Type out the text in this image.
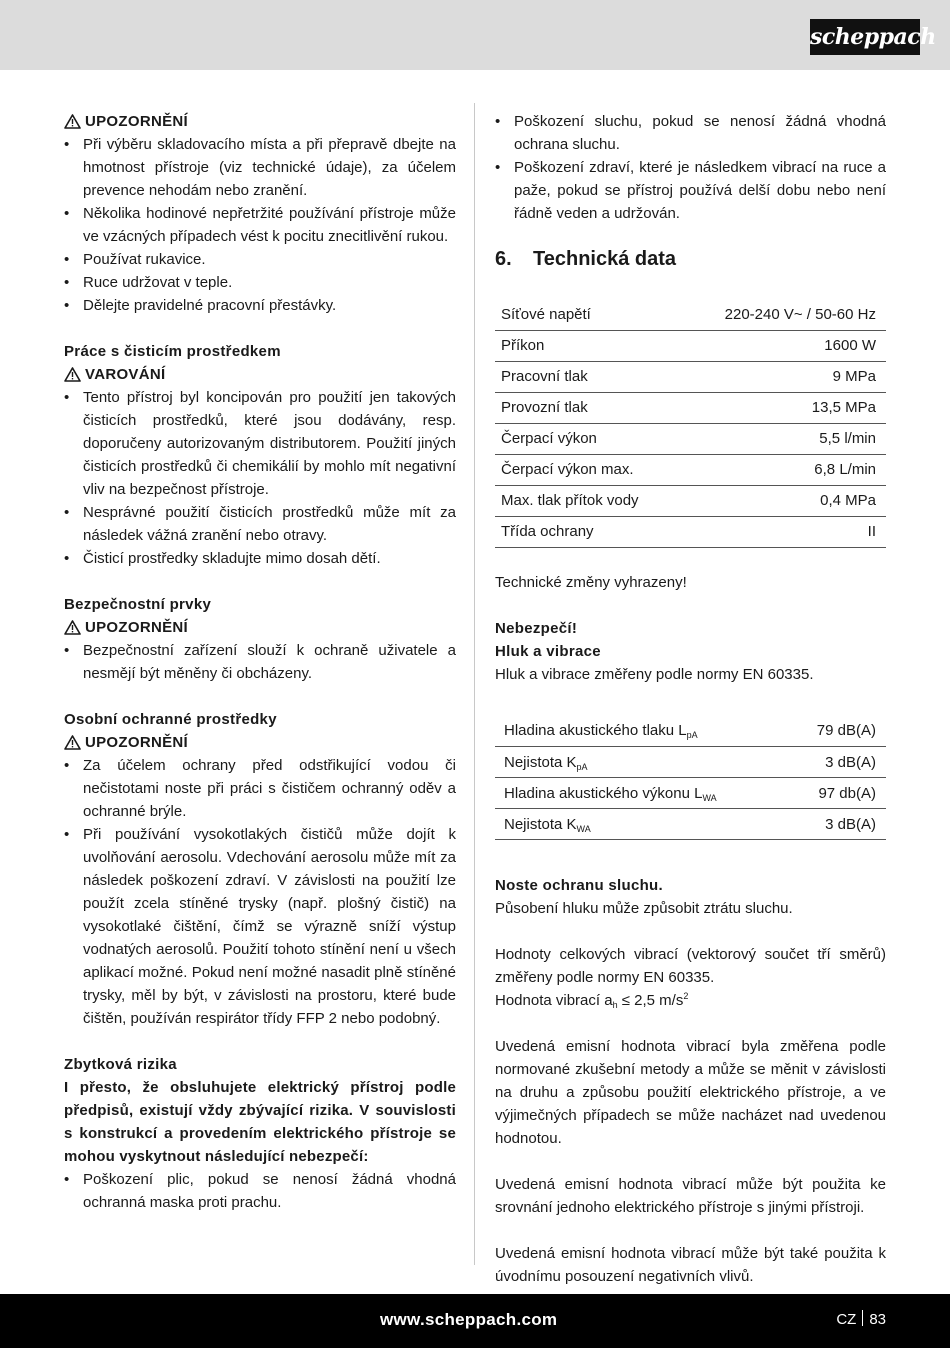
scheppach
UPOZORNĚNÍ
• Při výběru skladovacího místa a při přepravě dbejte na hmotnost přístroje (viz technické údaje), za účelem prevence nehodám nebo zranění.
• Několika hodinové nepřetržité používání přístroje může ve vzácných případech vést k pocitu znecitlivění rukou.
• Používat rukavice.
• Ruce udržovat v teple.
• Dělejte pravidelné pracovní přestávky.
Práce s čisticím prostředkem
VAROVÁNÍ
• Tento přístroj byl koncipován pro použití jen takových čisticích prostředků, které jsou dodávány, resp. doporučeny autorizovaným distributorem. Použití jiných čisticích prostředků či chemikálií by mohlo mít negativní vliv na bezpečnost přístroje.
• Nesprávné použití čisticích prostředků může mít za následek vážná zranění nebo otravy.
• Čisticí prostředky skladujte mimo dosah dětí.
Bezpečnostní prvky
UPOZORNĚNÍ
• Bezpečnostní zařízení slouží k ochraně uživatele a nesmějí být měněny či obcházeny.
Osobní ochranné prostředky
UPOZORNĚNÍ
• Za účelem ochrany před odstřikující vodou či nečistotami noste při práci s čističem ochranný oděv a ochranné brýle.
• Při používání vysokotlakých čističů může dojít k uvolňování aerosolu. Vdechování aerosolu může mít za následek poškození zdraví. V závislosti na použití lze použít zcela stíněné trysky (např. plošný čistič) na vysokotlaké čištění, čímž se výrazně sníží výstup vodnatých aerosolů. Použití tohoto stínění není u všech aplikací možné. Pokud není možné nasadit plně stíněné trysky, měl by být, v závislosti na prostoru, které bude čištěn, používán respirátor třídy FFP 2 nebo podobný.
Zbytková rizika
I přesto, že obsluhujete elektrický přístroj podle předpisů, existují vždy zbývající rizika. V souvislosti s konstrukcí a provedením elektrického přístroje se mohou vyskytnout následující nebezpečí:
• Poškození plic, pokud se nenosí žádná vhodná ochranná maska proti prachu.
• Poškození sluchu, pokud se nenosí žádná vhodná ochrana sluchu.
• Poškození zdraví, které je následkem vibrací na ruce a paže, pokud se přístroj používá delší dobu nebo není řádně veden a udržován.
6. Technická data
Síťové napětí	220-240 V~ / 50-60 Hz
Příkon	1600 W
Pracovní tlak	9 MPa
Provozní tlak	13,5 MPa
Čerpací výkon	5,5 l/min
Čerpací výkon max.	6,8 L/min
Max. tlak přítok vody	0,4 MPa
Třída ochrany	II
Technické změny vyhrazeny!
Nebezpečí!
Hluk a vibrace
Hluk a vibrace změřeny podle normy EN 60335.
Hladina akustického tlaku $L_{pA}$	79 dB(A)
Nejistota $K_{pA}$	3 dB(A)
Hladina akustického výkonu $L_{WA}$	97 db(A)
Nejistota $K_{WA}$	3 dB(A)
Noste ochranu sluchu.
Působení hluku může způsobit ztrátu sluchu.

Hodnoty celkových vibrací (vektorový součet tří směrů) změřeny podle normy EN 60335.

Hodnota vibrací $a_h \le 2,5$ $m/s^2$

Uvedená emisní hodnota vibrací byla změřena podle normované zkušební metody a může se měnit v závislosti na druhu a způsobu použití elektrického přístroje, a ve výjimečných případech se může nacházet nad uvedenou hodnotou.

Uvedená emisní hodnota vibrací může být použita ke srovnání jednoho elektrického přístroje s jinými přístroji.

Uvedená emisní hodnota vibrací může být také použita k úvodnímu posouzení negativních vlivů.

www.scheppach.com	CZ 83
